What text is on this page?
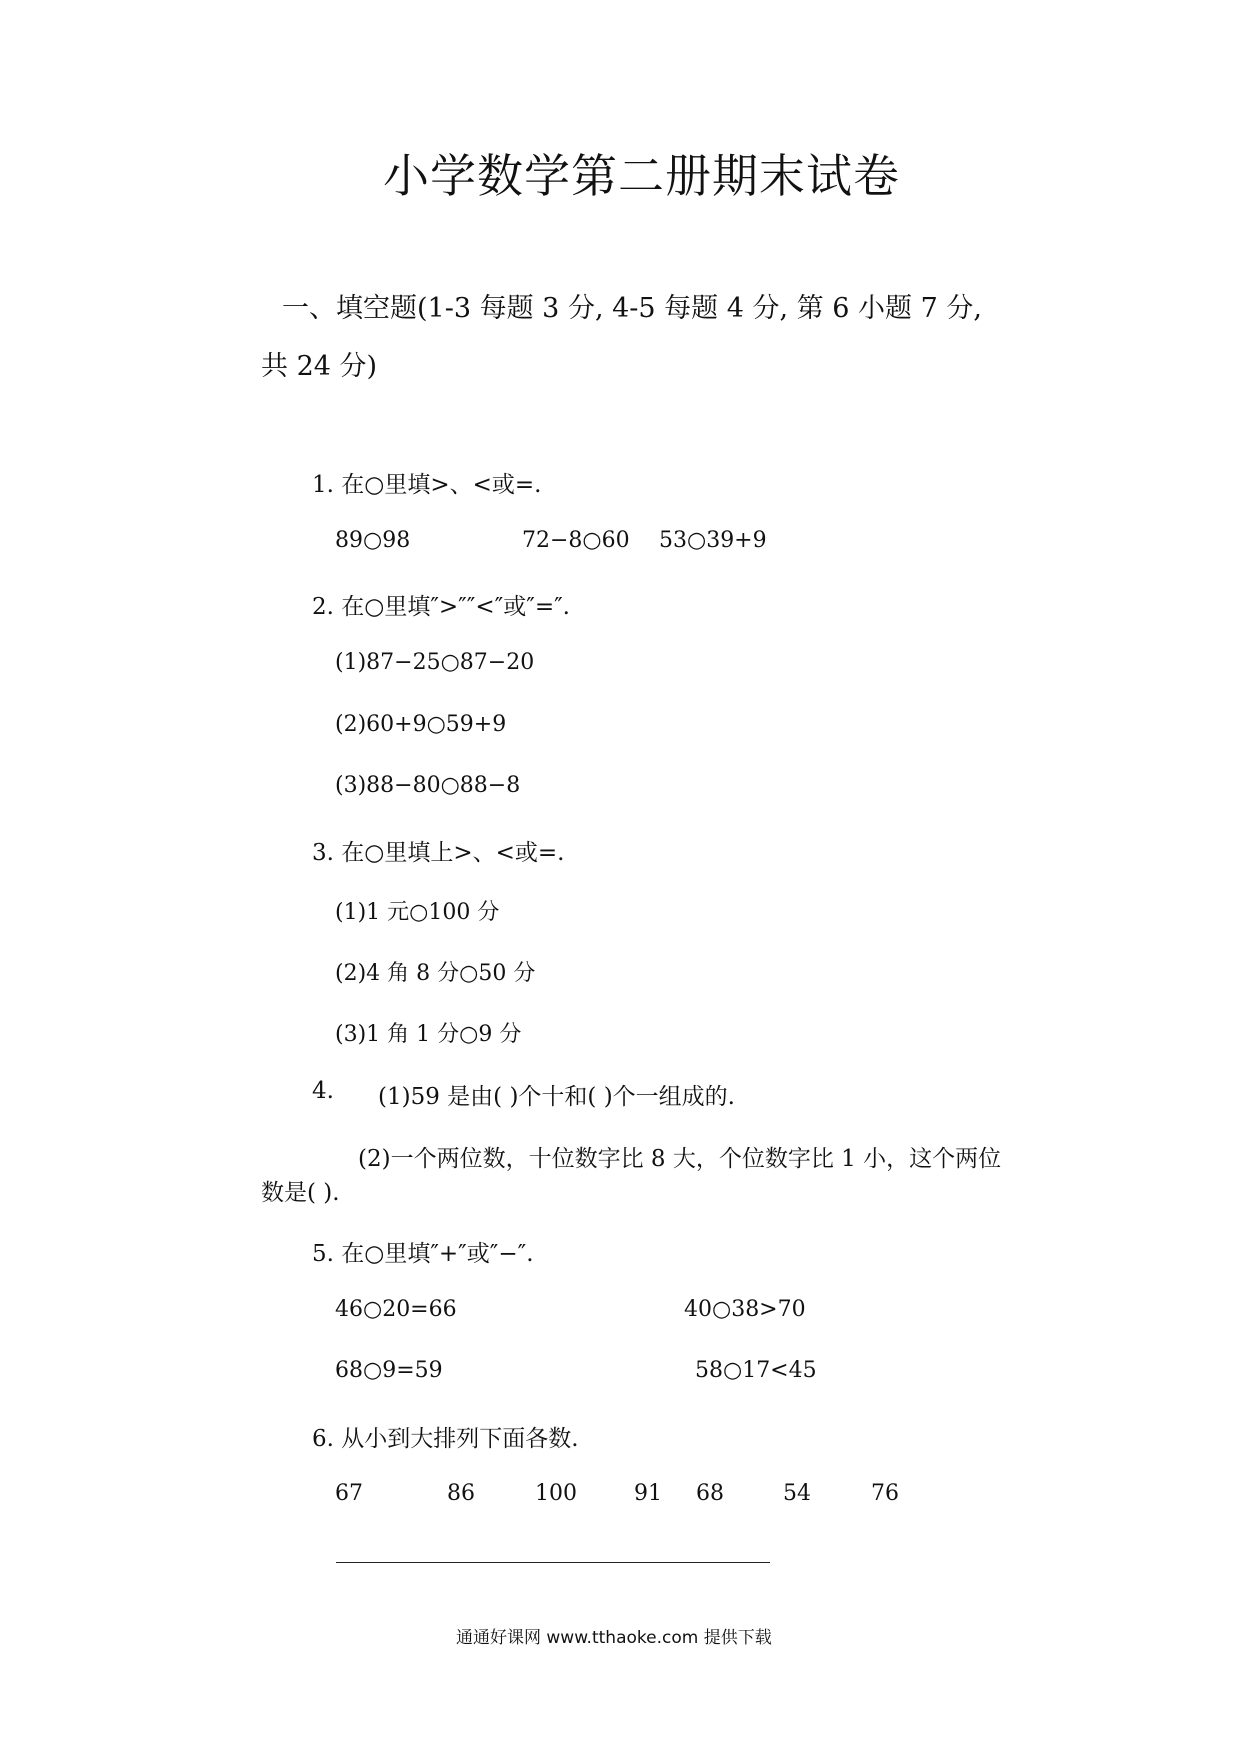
小学数学第二册期末试卷
一、填空题(1-3 每题 3 分, 4-5 每题 4 分, 第 6 小题 7 分,
共 24 分)
1. 在○里填>、<或=.
89○98	72−8○60 53○39+9
2. 在○里填″>″″<″或″=″.
(1)87−25○87−20
(2)60+9○59+9
(3)88−80○88−8
3. 在○里填上>、<或=.
(1)1 元○100 分
(2)4 角 8 分○50 分
(3)1 角 1 分○9 分
4. (1)59 是由( )个十和( )个一组成的.
(2)一个两位数，十位数字比 8 大，个位数字比 1 小，这个两位
数是( ).
5. 在○里填″+″或″−″.
46○20=66	40○38>70
68○9=59	58○17<45
6. 从小到大排列下面各数.
67	86	100	91 68	54	76
通通好课网 www.tthaoke.com 提供下载
